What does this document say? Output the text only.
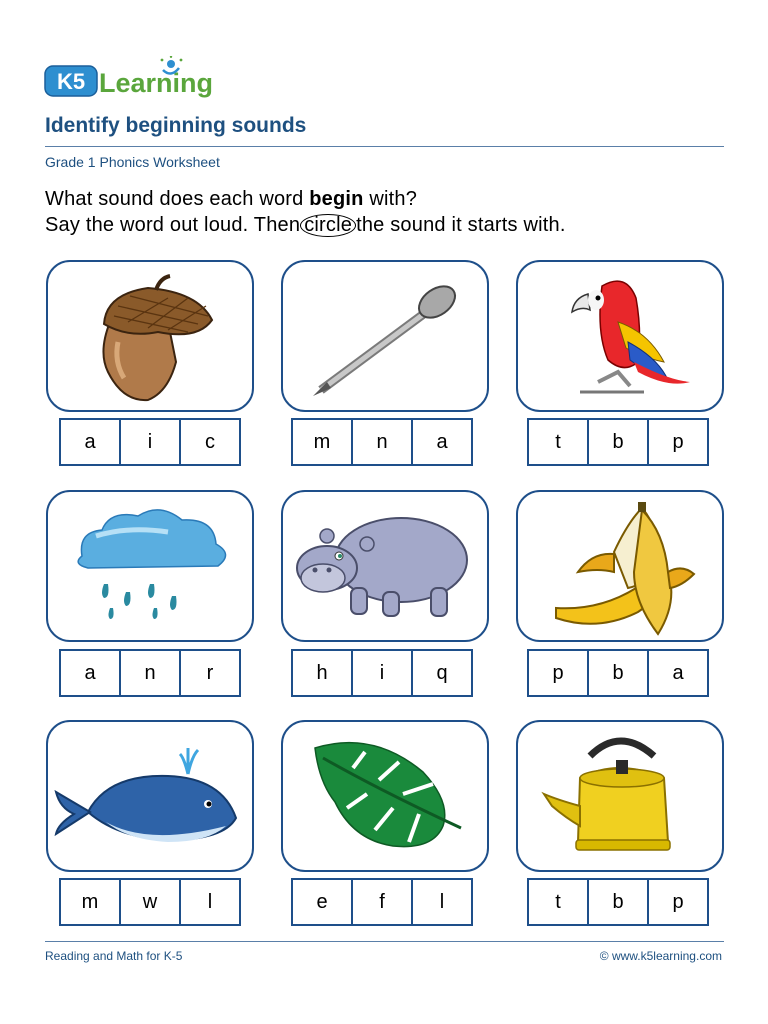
K5 Learning
Identify beginning sounds
Grade 1 Phonics Worksheet
What sound does each word begin with?
Say the word out loud. Then circle the sound it starts with.
a	i	c	m	n	a	t	b	p
a	n	r	h	i	q	p	b	a
m	w	l	e	f	l	t	b	p
Reading and Math for K-5	© www.k5learning.com
